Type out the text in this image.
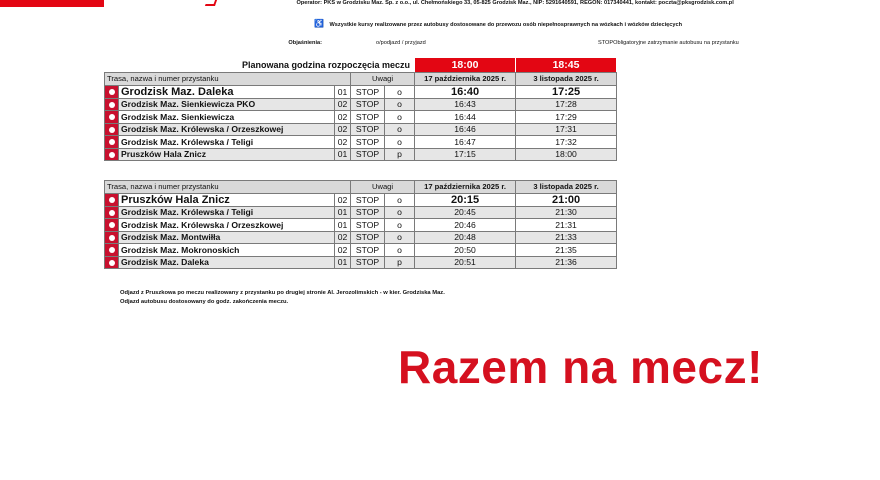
Operator: PKS w Grodzisku Maz. Sp. z o.o., ul. Chełmońskiego 33, 05-825 Grodzisk Maz., NIP: 5291640591, REGON: 017340441, kontakt: poczta@pksgrodzisk.com.pl
♿ Wszystkie kursy realizowane przez autobusy dostosowane do przewozu osób niepełnosprawnych na wózkach i wózków dziecięcych
Objaśnienia:	o/podjazd / przyjazd	STOPObligatoryjne zatrzymanie autobusu na przystanku
Planowana godzina rozpoczęcia meczu	18:00	18:45
Trasa, nazwa i numer przystanku			Uwagi		17 października 2025 r.	3 listopada 2025 r.
	Grodzisk Maz. Daleka	01	STOP	o	16:40	17:25
	Grodzisk Maz. Sienkiewicza PKO	02	STOP	o	16:43	17:28
	Grodzisk Maz. Sienkiewicza	02	STOP	o	16:44	17:29
	Grodzisk Maz. Królewska / Orzeszkowej	02	STOP	o	16:46	17:31
	Grodzisk Maz. Królewska / Teligi	02	STOP	o	16:47	17:32
	Pruszków Hala Znicz	01	STOP	p	17:15	18:00
Trasa, nazwa i numer przystanku			Uwagi		17 października 2025 r.	3 listopada 2025 r.
	Pruszków Hala Znicz	02	STOP	o	20:15	21:00
	Grodzisk Maz. Królewska / Teligi	01	STOP	o	20:45	21:30
	Grodzisk Maz. Królewska / Orzeszkowej	01	STOP	o	20:46	21:31
	Grodzisk Maz. Montwiłła	02	STOP	o	20:48	21:33
	Grodzisk Maz. Mokronoskich	02	STOP	o	20:50	21:35
	Grodzisk Maz. Daleka	01	STOP	p	20:51	21:36
Odjazd z Pruszkowa po meczu realizowany z przystanku po drugiej stronie Al. Jerozolimskich - w kier. Grodziska Maz.
Odjazd autobusu dostosowany do godz. zakończenia meczu.
Razem na mecz!
